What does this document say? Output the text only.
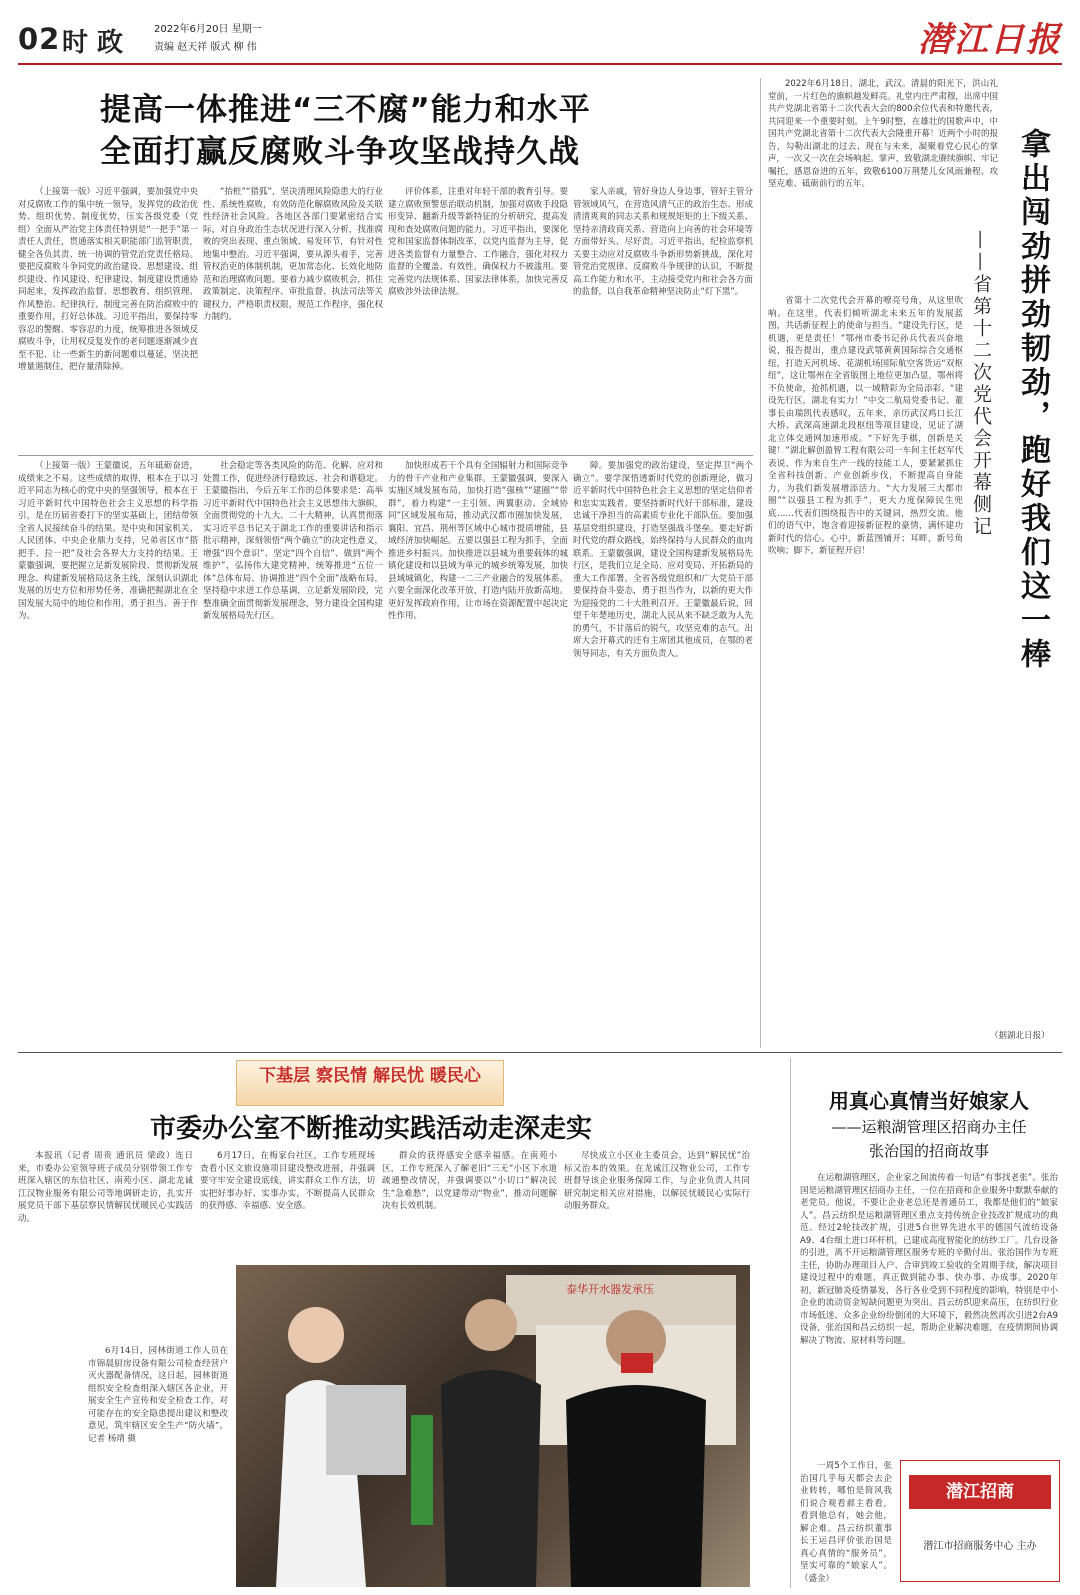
02 时 政	2022年6月20日 星期一
责编 赵天祥 版式 柳 伟	潜江日报
提高一体推进“三不腐”能力和水平
全面打赢反腐败斗争攻坚战持久战

（上接第一版）习近平强调，要加强党中央对反腐败工作的集中统一领导，发挥党的政治优势、组织优势、制度优势，压实各级党委（党组）全面从严治党主体责任特别是“一把手”第一责任人责任，贯通落实相关职能部门监管职责，健全各负其责、统一协调的管党治党责任格局。要把反腐败斗争同党的政治建设、思想建设、组织建设、作风建设、纪律建设、制度建设贯通协同起来，发挥政治监督、思想教育、组织管理、作风整治、纪律执行、制度完善在防治腐败中的重要作用，打好总体战。习近平指出，要保持零容忍的警醒、零容忍的力度，统筹推进各领域反腐败斗争，让用权反复发作的老问题逐渐减少直至不犯、让一些新生的新问题难以蔓延，坚决把增量遏制住，把存量清除掉。

“抬桩”“猎狐”，坚决清理风险隐患大的行业性、系统性腐败，有效防范化解腐败风险及关联性经济社会风险。各地区各部门要紧密结合实际，对自身政治生态状况进行深入分析，找准腐败的突出表现、重点领域、易发环节，有针对性地集中整治。习近平强调，要从源头着手，完善管权治吏的体制机制，更加常态化、长效化地防范和治理腐败问题。要着力减少腐败机会，抓住政策制定、决策程序、审批监督、执法司法等关键权力，严格职责权限，规范工作程序，强化权力制约。

评价体系，注重对年轻干部的教育引导。要建立腐败预警惩治联动机制，加强对腐败手段隐形变异、翻新升级等新特征的分析研究，提高发现和查处腐败问题的能力。习近平指出，要深化党和国家监督体制改革，以党内监督为主导，促进各类监督有力量整合、工作融合，强化对权力监督的全覆盖、有效性，确保权力不被滥用。要完善党内法规体系、国家法律体系，加快完善反腐败涉外法律法规。

家人亲戚，管好身边人身边事，管好主管分管领域风气，在营造风清气正的政治生态、形成清清爽爽的同志关系和规规矩矩的上下级关系、坚持亲清政商关系、营造向上向善的社会环境等方面带好头、尽好责。习近平指出，纪检监察机关要主动应对反腐败斗争新形势新挑战，深化对管党治党规律、反腐败斗争规律的认识，不断提高工作能力和水平，主动接受党内和社会各方面的监督，以自我革命精神坚决防止“灯下黑”。

（上接第一版）王蒙徽说，五年砥砺奋进，成绩来之不易。这些成绩的取得，根本在于以习近平同志为核心的党中央的坚强领导，根本在于习近平新时代中国特色社会主义思想的科学指引，是在历届省委打下的坚实基础上，团结带领全省人民接续奋斗的结果。是中央和国家机关、人民团体、中央企业鼎力支持，兄弟省区市“搭把手、拉一把”及社会各界大力支持的结果。王蒙徽强调，要把握立足新发展阶段、贯彻新发展理念、构建新发展格局这条主线，深刻认识湖北发展的历史方位和形势任务，准确把握湖北在全国发展大局中的地位和作用，勇于担当、善于作为。

社会稳定等各类风险的防范、化解、应对和处置工作，促进经济行稳致远、社会和谐稳定。王蒙徽指出，今后五年工作的总体要求是：高举习近平新时代中国特色社会主义思想伟大旗帜，全面贯彻党的十九大、二十大精神，认真贯彻落实习近平总书记关于湖北工作的重要讲话和指示批示精神，深刻领悟“两个确立”的决定性意义，增强“四个意识”、坚定“四个自信”、做到“两个维护”，弘扬伟大建党精神，统筹推进“五位一体”总体布局、协调推进“四个全面”战略布局，坚持稳中求进工作总基调，立足新发展阶段，完整准确全面贯彻新发展理念，努力建设全国构建新发展格局先行区。

加快形成若干个具有全国辐射力和国际竞争力的骨干产业和产业集群。王蒙徽强调，要深入实施区域发展布局，加快打造“强核”“建圈”“带群”，着力构建“一主引领、两翼驱动、全域协同”区域发展布局，推动武汉都市圈加快发展，襄阳、宜昌、荆州等区域中心城市提质增能，县域经济加快崛起。五要以强县工程为抓手，全面推进乡村振兴。加快推进以县城为重要载体的城镇化建设和以县域为单元的城乡统筹发展，加快县域城镇化，构建一二三产业融合的发展体系。六要全面深化改革开放，打造内陆开放新高地。更好发挥政府作用，让市场在资源配置中起决定性作用。

障。要加强党的政治建设，坚定捍卫“两个确立”。要学深悟透新时代党的创新理论，做习近平新时代中国特色社会主义思想的坚定信仰者和忠实实践者。要坚持新时代好干部标准，建设忠诚干净担当的高素质专业化干部队伍。要加强基层党组织建设，打造坚强战斗堡垒。要走好新时代党的群众路线，始终保持与人民群众的血肉联系。王蒙徽强调，建设全国构建新发展格局先行区，是我们立足全局、应对变局、开拓新局的重大工作部署。全省各级党组织和广大党员干部要保持奋斗姿态，勇于担当作为，以新的更大作为迎接党的二十大胜利召开。王蒙徽最后说，回望千年楚地历史，湖北人民从来不缺乏敢为人先的勇气，不甘落后的锐气，攻坚克难的志气。出席大会开幕式的还有主席团其他成员，在鄂的老领导同志，有关方面负责人。

2022年6月18日，湖北，武汉。清晨的阳光下，洪山礼堂前，一片红色的旗帜越发鲜亮。礼堂内庄严肃穆，出席中国共产党湖北省第十二次代表大会的800余位代表和特邀代表，共同迎来一个重要时刻。上午9时整，在雄壮的国歌声中，中国共产党湖北省第十二次代表大会隆重开幕！近两个小时的报告，勾勒出湖北的过去、现在与未来，凝聚着党心民心的掌声，一次又一次在会场响起。掌声，致敬湖北赓续旗帜、牢记嘱托，感恩奋进的五年，致敬6100万荆楚儿女风雨兼程、攻坚克难、砥砺前行的五年。	拿出闯劲拼劲韧劲，跑好我们这一棒
——省第十二次党代会开幕侧记

省第十二次党代会开幕的嘹亮号角，从这里吹响。在这里，代表们倾听湖北未来五年的发展蓝图，共话新征程上的使命与担当。“建设先行区，是机遇，更是责任！”鄂州市委书记孙兵代表兴奋地说，报告提出，重点建设武鄂黄黄国际综合交通枢纽，打造天河机场、花湖机场国际航空客货运“双枢纽”，这让鄂州在全省版图上地位更加凸显，鄂州将不负使命，抢抓机遇，以一域精彩为全局添彩。“建设先行区，湖北有实力！”中交二航局党委书记、董事长由瑞凯代表感叹，五年来，亲历武汉鸡口长江大桥、武深高速湖北段枢纽等项目建设，见证了湖北立体交通网加速形成。“下好先手棋，创新是关键！”湖北解创盈智工程有限公司一车间主任赵军代表说，作为来自生产一线的技能工人，要紧紧抓住全省科技创新、产业创新步伐，不断提高自身能力，为我们新发展增添活力。“大力发展三大都市圈”“以强县工程为抓手”，更大力度保障民生兜底……代表们围绕报告中的关键词，热烈交流。他们的语气中，饱含着迎接新征程的豪情，满怀建功新时代的信心。心中，新蓝图铺开；耳畔，新号角吹响；脚下，新征程开启！

（据湖北日报）
下基层 察民情 解民忧 暖民心
市委办公室不断推动实践活动走深走实

本报讯（记者 周贵 通讯员 梁政）连日来，市委办公室领导班子成员分别带领工作专班深入辖区的东信社区、南苑小区、湖北龙诚江汉物业服务有限公司等地调研走访，扎实开展党员干部下基层察民情解民忧暖民心实践活动。

6月17日，在梅家台社区，工作专班现场查看小区文旅设施项目建设整改进展，并强调要守牢安全建设底线，讲实群众工作方法，切实把好事办好、实事办实，不断提高人民群众的获得感、幸福感、安全感。

群众的获得感安全感幸福感。在南苑小区，工作专班深入了解老旧“三无”小区下水道疏通整改情况，并强调要以“小切口”解决民生“急难愁”，以党建带动“物业”，推动问题解决有长效机制。

尽快成立小区业主委员会，达到“解民忧”治标又治本的效果。在龙诚江汉物业公司，工作专班督导该企业服务保障工作，与企业负责人共同研究制定相关应对措施，以解民忧暖民心实际行动服务群众。

6月14日，园林街道工作人员在市锦晨厨房设备有限公司检查经营户灭火器配备情况，这日起，园林街道组织安全检查组深入辖区各企业，开展安全生产宣传和安全检查工作，对可能存在的安全隐患提出建议和整改意见，筑牢辖区安全生产“防火墙”。记者 杨靖 摄

泰华开水器发承压
用真心真情当好娘家人
——运粮湖管理区招商办主任
张治国的招商故事

在运粮湖管理区，企业家之间流传着一句话“有事找老张”。张治国是运粮湖管理区招商办主任，一位在招商和企业服务中默默奉献的老党员。他说，不要让企业老总还是普通员工，我都是他们的“娘家人”。昌云纺织是运粮湖管理区重点支持传统企业技改扩规成功的典范。经过2轮技改扩规，引进5台世界先进水平的德国气流纺设备A9、4台细土进口环杆机，已建成高度智能化的纺纱工厂。几台设备的引进，离不开运粮湖管理区服务专班的辛勤付出。张治国作为专班主任，协助办理项目入户、合审到竣工验收的全周期手续，解决项目建设过程中的难题，真正做到能办事、快办事、办成事。2020年初，新冠肺炎疫情暴发，各行各业受到不同程度的影响，特别是中小企业的流动资金短缺问题更为突出。昌云纺织迎来高压，在纺织行业市场低迷、众多企业纷纷倒闭的大环境下，毅然决然再次引进2台A9设备，张治国和昌云纺织一起，帮助企业解决难题，在疫情期间协调解决了物流、原材料等问题。

一周5个工作日，张治国几乎每天都会去企业转转，哪怕是简风我们说合观看郝主看看，看到他总有，她会他，解企难。昌云纺织董事长王运昌评价张治国是真心真情的“服务员”，坚实可靠的“娘家人”。（盛金）

潜江招商
潜江市招商服务中心 主办
